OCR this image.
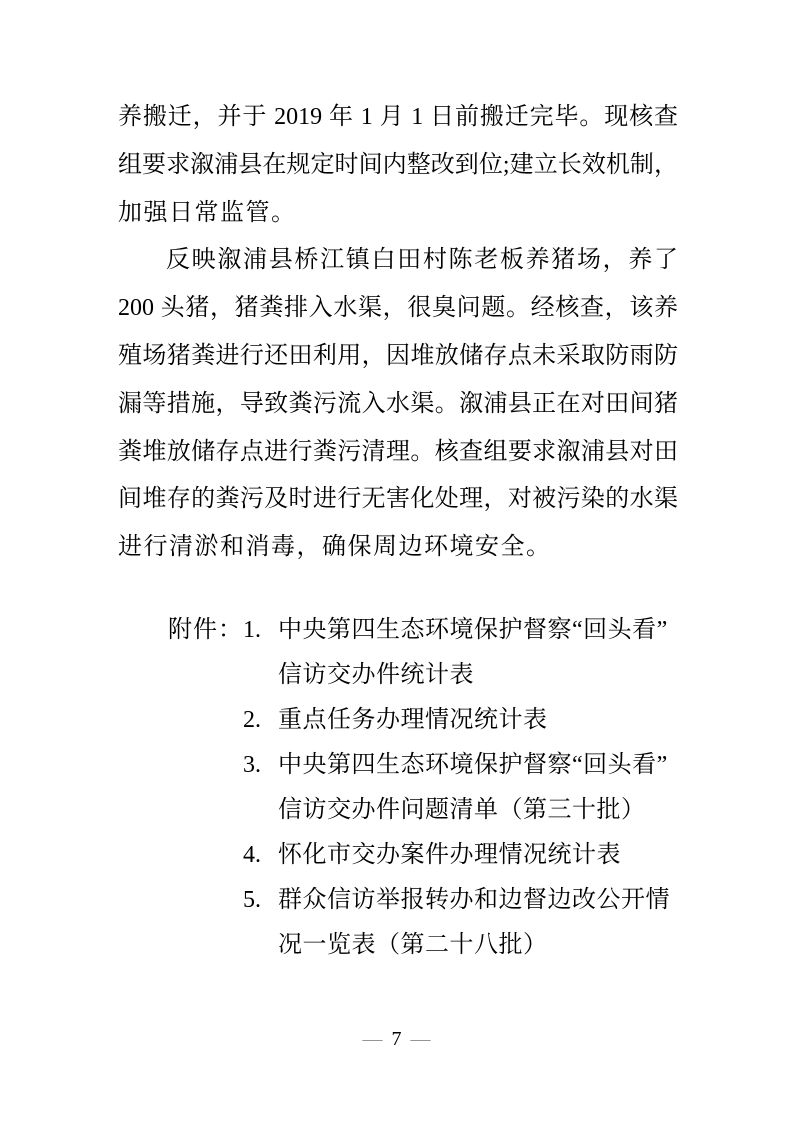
养搬迁，并于 2019 年 1 月 1 日前搬迁完毕。现核查
组要求溆浦县在规定时间内整改到位;建立长效机制，
加强日常监管。
反映溆浦县桥江镇白田村陈老板养猪场，养了
200 头猪，猪粪排入水渠，很臭问题。经核查，该养
殖场猪粪进行还田利用，因堆放储存点未采取防雨防
漏等措施，导致粪污流入水渠。溆浦县正在对田间猪
粪堆放储存点进行粪污清理。核查组要求溆浦县对田
间堆存的粪污及时进行无害化处理，对被污染的水渠
进行清淤和消毒，确保周边环境安全。
附件： 1. 中央第四生态环境保护督察“回头看”
信访交办件统计表
2. 重点任务办理情况统计表
3. 中央第四生态环境保护督察“回头看”
信访交办件问题清单（第三十批）
4. 怀化市交办案件办理情况统计表
5. 群众信访举报转办和边督边改公开情
况一览表（第二十八批）
— 7 —
